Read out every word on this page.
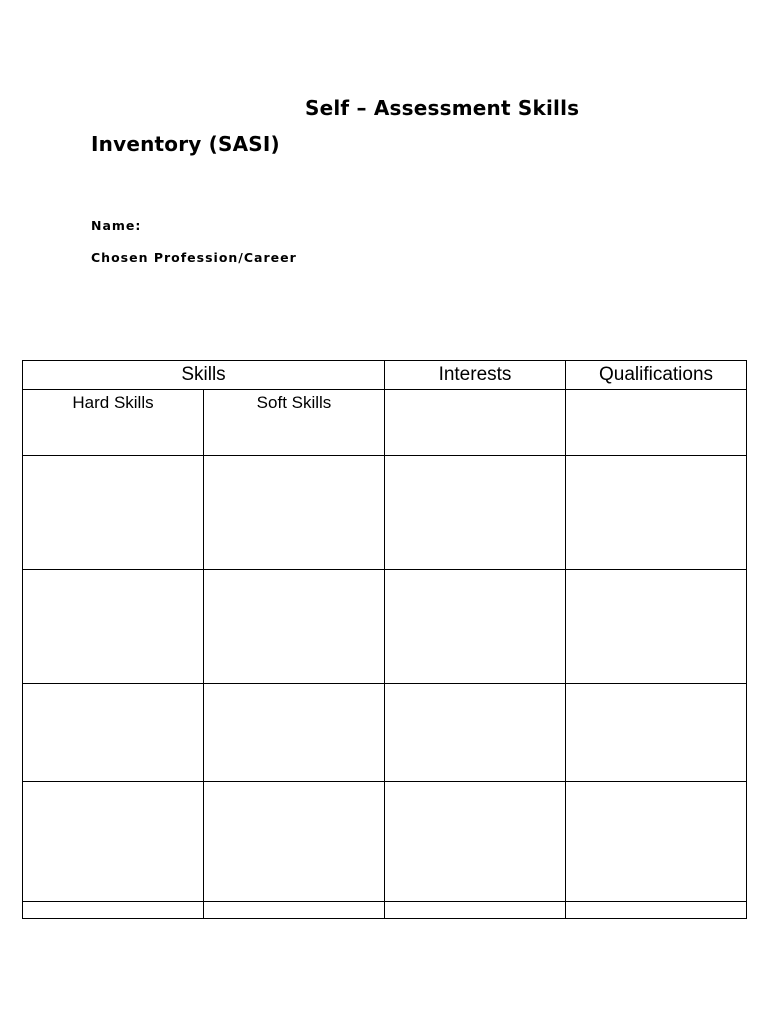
Self – Assessment Skills
Inventory (SASI)
Name:
Chosen Profession/Career
Skills		Interests	Qualifications

Hard Skills	Soft Skills		
